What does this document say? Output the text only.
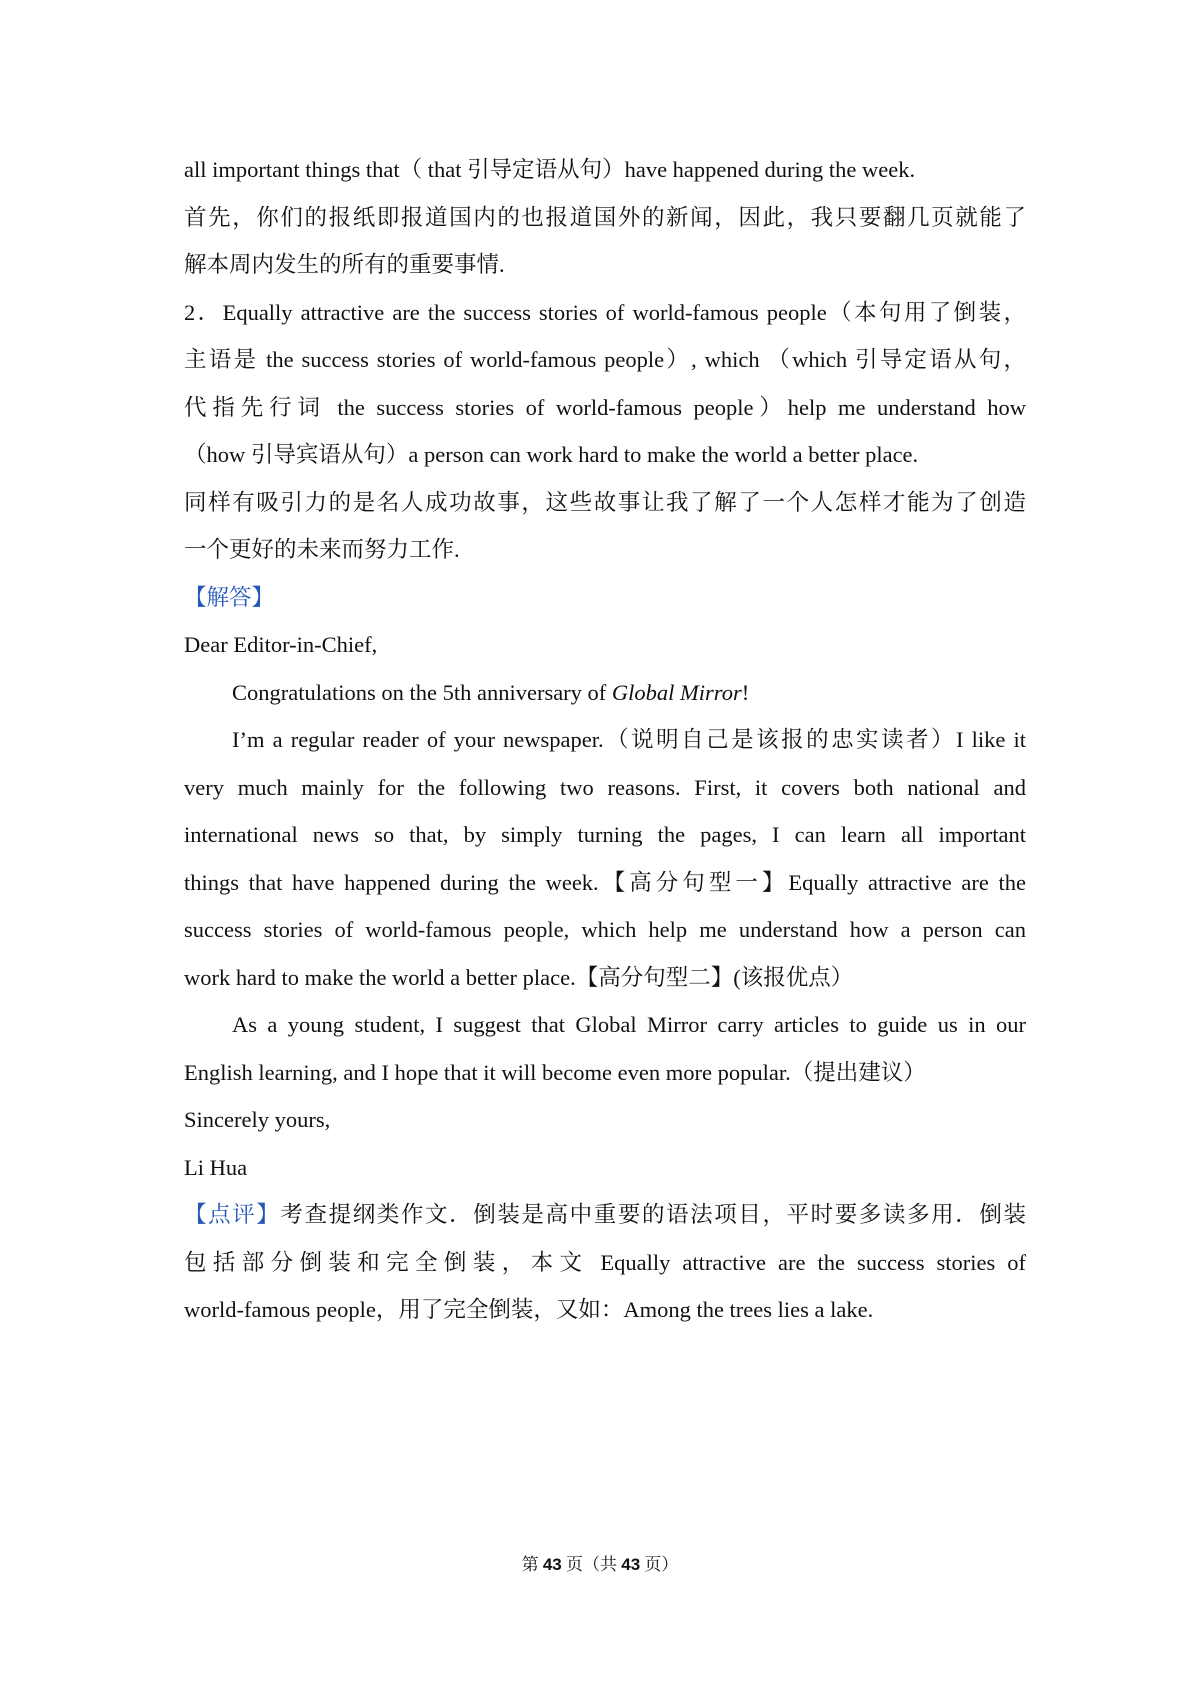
all important things that（ that 引导定语从句）have happened during the week.
首先，你们的报纸即报道国内的也报道国外的新闻，因此，我只要翻几页就能了
解本周内发生的所有的重要事情.
2．Equally attractive are the success stories of world-famous people（本句用了倒装，
主语是 the success stories of world-famous people）, which （which 引导定语从句，
代指先行词 the success stories of world-famous people）help me understand how
（how 引导宾语从句）a person can work hard to make the world a better place.
同样有吸引力的是名人成功故事，这些故事让我了解了一个人怎样才能为了创造
一个更好的未来而努力工作.
【解答】
Dear Editor-in-Chief,
Congratulations on the 5th anniversary of Global Mirror!
I’m a regular reader of your newspaper.（说明自己是该报的忠实读者）I like it
very much mainly for the following two reasons. First, it covers both national and
international news so that, by simply turning the pages, I can learn all important
things that have happened during the week.【高分句型一】Equally attractive are the
success stories of world-famous people, which help me understand how a person can
work hard to make the world a better place.【高分句型二】(该报优点）
As a young student, I suggest that Global Mirror carry articles to guide us in our
English learning, and I hope that it will become even more popular.（提出建议）
Sincerely yours,
Li Hua
【点评】考查提纲类作文．倒装是高中重要的语法项目，平时要多读多用．倒装
包括部分倒装和完全倒装，本文 Equally attractive are the success stories of
world-famous people，用了完全倒装，又如：Among the trees lies a lake.
第 43 页（共 43 页）
